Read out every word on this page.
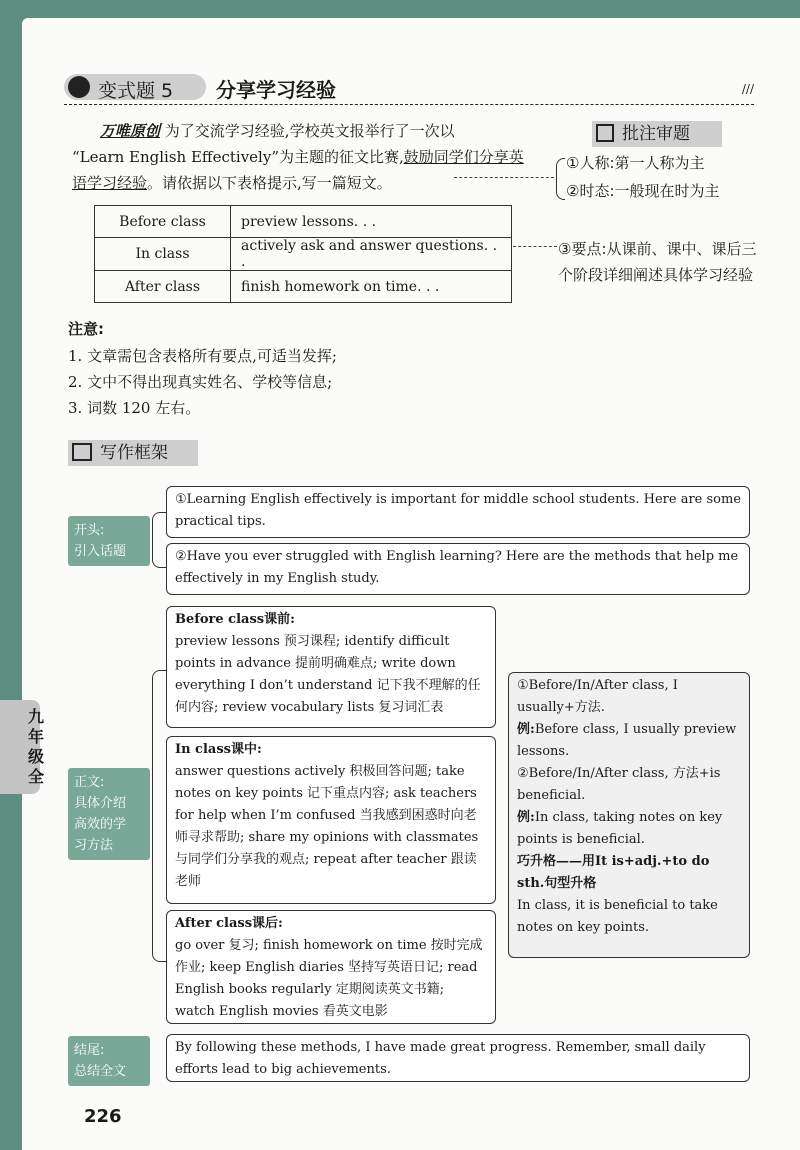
变式题 5 分享学习经验	///
万唯原创 为了交流学习经验,学校英文报举行了一次以
“Learn English Effectively”为主题的征文比赛,鼓励同学们分享英
语学习经验。请依据以下表格提示,写一篇短文。
批注审题
①人称:第一人称为主
②时态:一般现在时为主
Before class	preview lessons. . .
In class	actively ask and answer questions. . .
After class	finish homework on time. . .
③要点:从课前、课中、课后三个阶段详细阐述具体学习经验
注意:
1. 文章需包含表格所有要点,可适当发挥;
2. 文中不得出现真实姓名、学校等信息;
3. 词数 120 左右。
写作框架
开头:
引入话题
①Learning English effectively is important for middle school students. Here are some practical tips.
②Have you ever struggled with English learning? Here are the methods that help me effectively in my English study.
正文:
具体介绍
高效的学
习方法
Before class课前:
preview lessons 预习课程; identify difficult points in advance 提前明确难点; write down everything I don’t understand 记下我不理解的任何内容; review vocabulary lists 复习词汇表
In class课中:
answer questions actively 积极回答问题; take notes on key points 记下重点内容; ask teachers for help when I’m confused 当我感到困惑时向老师寻求帮助; share my opinions with classmates 与同学们分享我的观点; repeat after teacher 跟读老师
After class课后:
go over 复习; finish homework on time 按时完成作业; keep English diaries 坚持写英语日记; read English books regularly 定期阅读英文书籍; watch English movies 看英文电影
①Before/In/After class, I usually+方法.
例:Before class, I usually preview lessons.
②Before/In/After class, 方法+is beneficial.
例:In class, taking notes on key points is beneficial.
巧升格——用It is+adj.+to do sth.句型升格
In class, it is beneficial to take notes on key points.
结尾:
总结全文
By following these methods, I have made great progress. Remember, small daily efforts lead to big achievements.
九年级全
226
